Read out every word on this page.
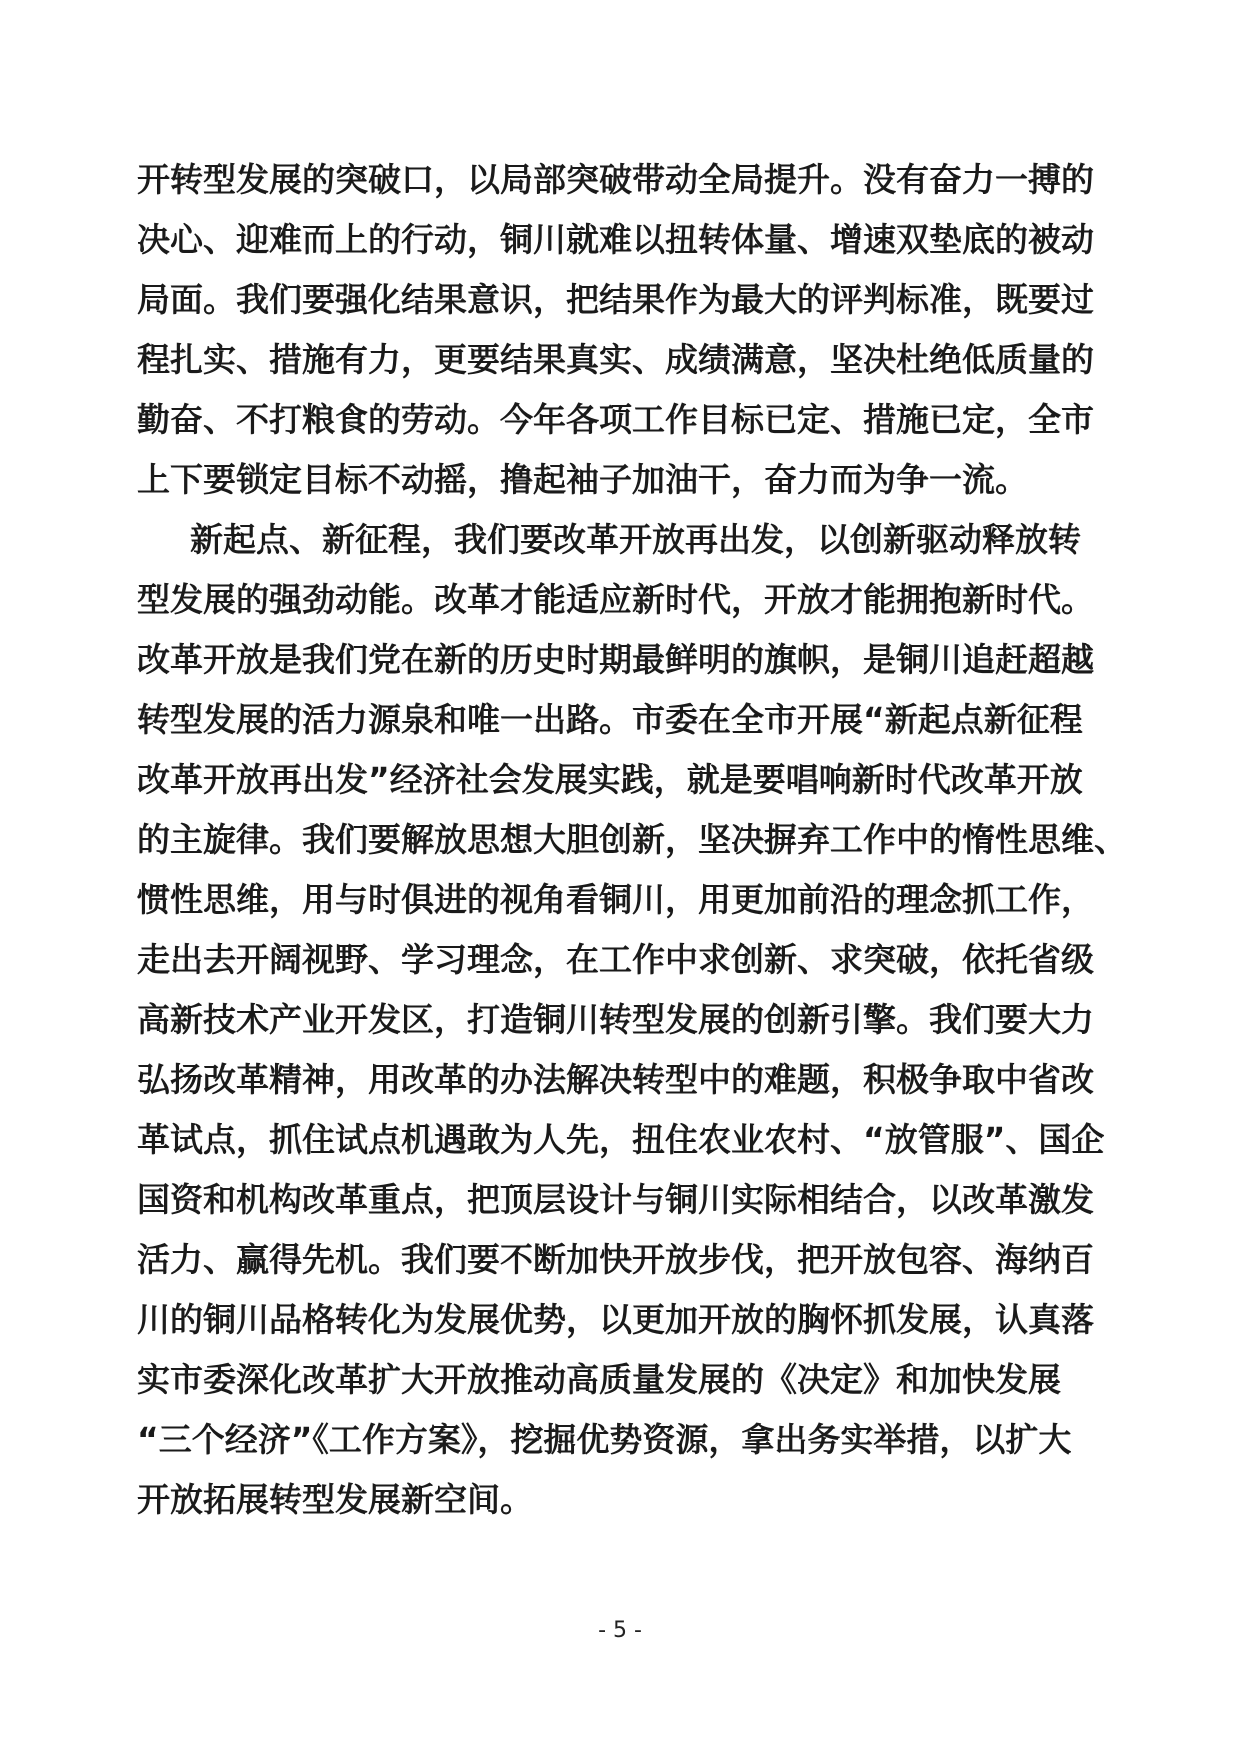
开转型发展的突破口，以局部突破带动全局提升。没有奋力一搏的
决心、迎难而上的行动，铜川就难以扭转体量、增速双垫底的被动
局面。我们要强化结果意识，把结果作为最大的评判标准，既要过
程扎实、措施有力，更要结果真实、成绩满意，坚决杜绝低质量的
勤奋、不打粮食的劳动。今年各项工作目标已定、措施已定，全市
上下要锁定目标不动摇，撸起袖子加油干，奋力而为争一流。
新起点、新征程，我们要改革开放再出发，以创新驱动释放转
型发展的强劲动能。改革才能适应新时代，开放才能拥抱新时代。
改革开放是我们党在新的历史时期最鲜明的旗帜，是铜川追赶超越
转型发展的活力源泉和唯一出路。市委在全市开展“新起点新征程
改革开放再出发”经济社会发展实践，就是要唱响新时代改革开放
的主旋律。我们要解放思想大胆创新，坚决摒弃工作中的惰性思维、
惯性思维，用与时俱进的视角看铜川，用更加前沿的理念抓工作，
走出去开阔视野、学习理念，在工作中求创新、求突破，依托省级
高新技术产业开发区，打造铜川转型发展的创新引擎。我们要大力
弘扬改革精神，用改革的办法解决转型中的难题，积极争取中省改
革试点，抓住试点机遇敢为人先，扭住农业农村、“放管服”、国企
国资和机构改革重点，把顶层设计与铜川实际相结合，以改革激发
活力、赢得先机。我们要不断加快开放步伐，把开放包容、海纳百
川的铜川品格转化为发展优势，以更加开放的胸怀抓发展，认真落
实市委深化改革扩大开放推动高质量发展的《决定》和加快发展
“三个经济”《工作方案》，挖掘优势资源，拿出务实举措，以扩大
开放拓展转型发展新空间。
- 5 -
